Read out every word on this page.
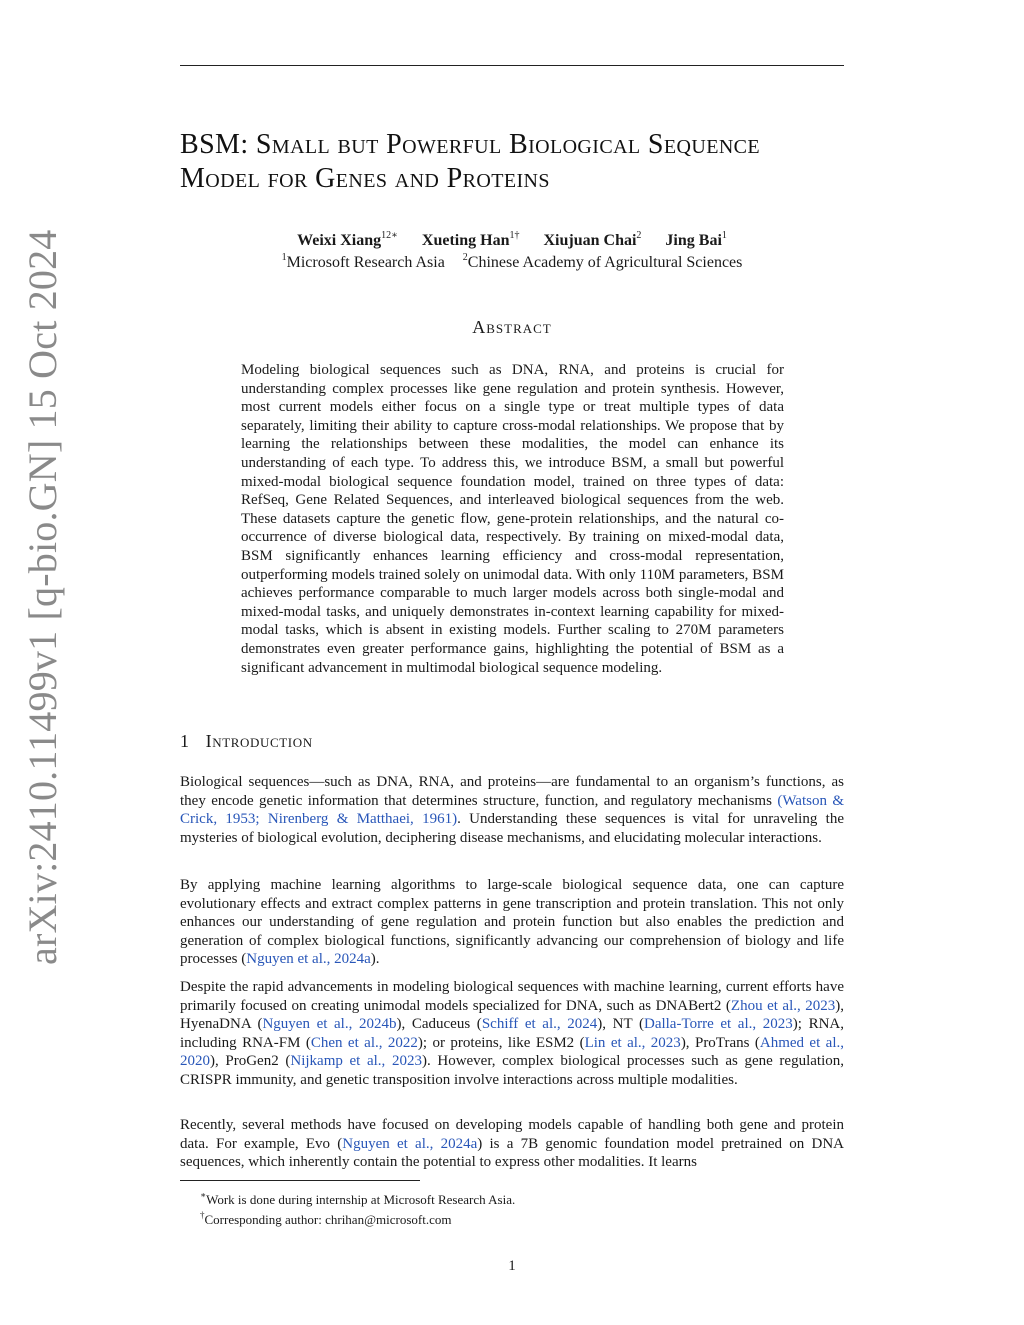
arXiv:2410.11499v1 [q-bio.GN] 15 Oct 2024
BSM: Small but Powerful Biological Sequence
Model for Genes and Proteins
Weixi Xiang$^{12∗}$ Xueting Han$^{1\dagger}$ Xiujuan Chai$^2$ Jing Bai$^1$
$^1$Microsoft Research Asia $^2$Chinese Academy of Agricultural Sciences
Abstract
Modeling biological sequences such as DNA, RNA, and proteins is crucial for understanding complex processes like gene regulation and protein synthesis. However, most current models either focus on a single type or treat multiple types of data separately, limiting their ability to capture cross-modal relationships. We propose that by learning the relationships between these modalities, the model can enhance its understanding of each type. To address this, we introduce BSM, a small but powerful mixed-modal biological sequence foundation model, trained on three types of data: RefSeq, Gene Related Sequences, and interleaved biological sequences from the web. These datasets capture the genetic flow, gene-protein relationships, and the natural co-occurrence of diverse biological data, respectively. By training on mixed-modal data, BSM significantly enhances learning efficiency and cross-modal representation, outperforming models trained solely on unimodal data. With only 110M parameters, BSM achieves performance comparable to much larger models across both single-modal and mixed-modal tasks, and uniquely demonstrates in-context learning capability for mixed-modal tasks, which is absent in existing models. Further scaling to 270M parameters demonstrates even greater performance gains, highlighting the potential of BSM as a significant advancement in multimodal biological sequence modeling.
1 Introduction
Biological sequences—such as DNA, RNA, and proteins—are fundamental to an organism’s functions, as they encode genetic information that determines structure, function, and regulatory mechanisms (Watson & Crick, 1953; Nirenberg & Matthaei, 1961). Understanding these sequences is vital for unraveling the mysteries of biological evolution, deciphering disease mechanisms, and elucidating molecular interactions.
By applying machine learning algorithms to large-scale biological sequence data, one can capture evolutionary effects and extract complex patterns in gene transcription and protein translation. This not only enhances our understanding of gene regulation and protein function but also enables the prediction and generation of complex biological functions, significantly advancing our comprehension of biology and life processes (Nguyen et al., 2024a).
Despite the rapid advancements in modeling biological sequences with machine learning, current efforts have primarily focused on creating unimodal models specialized for DNA, such as DNABert2 (Zhou et al., 2023), HyenaDNA (Nguyen et al., 2024b), Caduceus (Schiff et al., 2024), NT (Dalla-Torre et al., 2023); RNA, including RNA-FM (Chen et al., 2022); or proteins, like ESM2 (Lin et al., 2023), ProTrans (Ahmed et al., 2020), ProGen2 (Nijkamp et al., 2023). However, complex biological processes such as gene regulation, CRISPR immunity, and genetic transposition involve interactions across multiple modalities.
Recently, several methods have focused on developing models capable of handling both gene and protein data. For example, Evo (Nguyen et al., 2024a) is a 7B genomic foundation model pretrained on DNA sequences, which inherently contain the potential to express other modalities. It learns
∗Work is done during internship at Microsoft Research Asia.
†Corresponding author: chrihan@microsoft.com
1
